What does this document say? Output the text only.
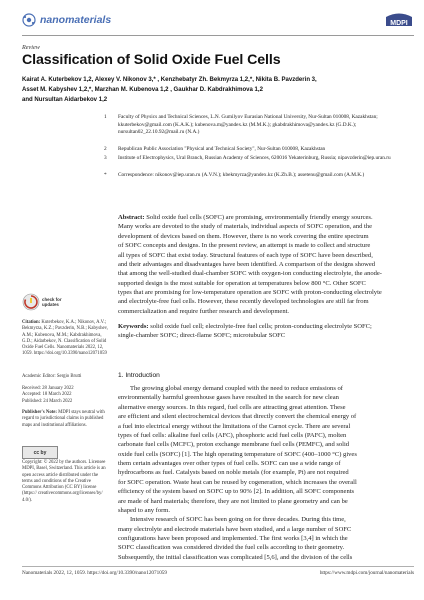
nanomaterials	MDPI
Review
Classification of Solid Oxide Fuel Cells
Kairat A. Kuterbekov 1,2, Alexey V. Nikonov 3,* , Kenzhebatyr Zh. Bekmyrza 1,2,*, Nikita B. Pavzderin 3,
Asset M. Kabyshev 1,2,*, Marzhan M. Kubenova 1,2 , Gaukhar D. Kabdrakhimova 1,2
and Nursultan Aidarbekov 1,2
1 Faculty of Physics and Technical Sciences, L.N. Gumilyov Eurasian National University, Nur-Sultan 010008, Kazakhstan; kkuterbekov@gmail.com (K.A.K.); kubenova.m@yandex.kz (M.M.K.); gkabdrakhimova@yandex.kz (G.D.K.); nursultan02_22.10.92@mail.ru (N.A.)
2 Republican Public Association "Physical and Technical Society", Nur-Sultan 010008, Kazakhstan
3 Institute of Electrophysics, Ural Branch, Russian Academy of Sciences, 620016 Yekaterinburg, Russia; nipavzderin@iep.uran.ru
* Correspondence: nikonov@iep.uran.ru (A.V.N.); kbekmyrza@yandex.kz (K.Zh.B.); assetenu@gmail.com (A.M.K.)

Abstract: Solid oxide fuel cells (SOFC) are promising, environmentally friendly energy sources.

Many works are devoted to the study of materials, individual aspects of SOFC operation, and the

development of devices based on them. However, there is no work covering the entire spectrum

of SOFC concepts and designs. In the present review, an attempt is made to collect and structure

all types of SOFC that exist today. Structural features of each type of SOFC have been described,

and their advantages and disadvantages have been identified. A comparison of the designs showed

that among the well-studied dual-chamber SOFC with oxygen-ion conducting electrolyte, the anode-

supported design is the most suitable for operation at temperatures below 800 °C. Other SOFC

types that are promising for low-temperature operation are SOFC with proton-conducting electrolyte

and electrolyte-free fuel cells. However, these recently developed technologies are still far from

commercialization and require further research and development.

Keywords: solid oxide fuel cell; electrolyte-free fuel cells; proton-conducting electrolyte SOFC;

single-chamber SOFC; direct-flame SOFC; microtubular SOFC

1. Introduction

The growing global energy demand coupled with the need to reduce emissions of

environmentally harmful greenhouse gases have resulted in the search for new clean

alternative energy sources. In this regard, fuel cells are attracting great attention. These

are efficient and silent electrochemical devices that directly convert the chemical energy of

a fuel into electrical energy without the limitations of the Carnot cycle. There are several

types of fuel cells: alkaline fuel cells (AFC), phosphoric acid fuel cells (PAFC), molten

carbonate fuel cells (MCFC), proton exchange membrane fuel cells (PEMFC), and solid

oxide fuel cells (SOFC) [1]. The high operating temperature of SOFC (400–1000 °C) gives

them certain advantages over other types of fuel cells. SOFC can use a wide range of

hydrocarbons as fuel. Catalysts based on noble metals (for example, Pt) are not required

for SOFC operation. Waste heat can be reused by cogeneration, which increases the overall

efficiency of the system based on SOFC up to 90% [2]. In addition, all SOFC components

are made of hard materials; therefore, they are not limited to plane geometry and can be

shaped to any form.

Intensive research of SOFC has been going on for three decades. During this time,

many electrolyte and electrode materials have been studied, and a large number of SOFC

configurations have been proposed and implemented. The first works [3,4] in which the

SOFC classification was considered divided the fuel cells according to their geometry.

Subsequently, the initial classification was complicated [5,6], and the division of the cells

check for
updates
Citation: Kuterbekov, K.A.; Nikonov, A.V.; Bekmyrza, K.Z.; Pavzderin, N.B.; Kabyshev, A.M.; Kubenova, M.M.; Kabdrakhimova, G.D.; Aidarbekov, N. Classification of Solid Oxide Fuel Cells. Nanomaterials 2022, 12, 1059. https://doi.org/10.3390/nano12071059
Academic Editor: Sergio Brutti
Received: 28 January 2022
Accepted: 18 March 2022
Published: 24 March 2022
Publisher's Note: MDPI stays neutral with regard to jurisdictional claims in published maps and institutional affiliations.
cc by
Copyright: © 2022 by the authors. Licensee MDPI, Basel, Switzerland. This article is an open access article distributed under the terms and conditions of the Creative Commons Attribution (CC BY) license (https:// creativecommons.org/licenses/by/ 4.0/).
Nanomaterials 2022, 12, 1059. https://doi.org/10.3390/nano12071059	https://www.mdpi.com/journal/nanomaterials
